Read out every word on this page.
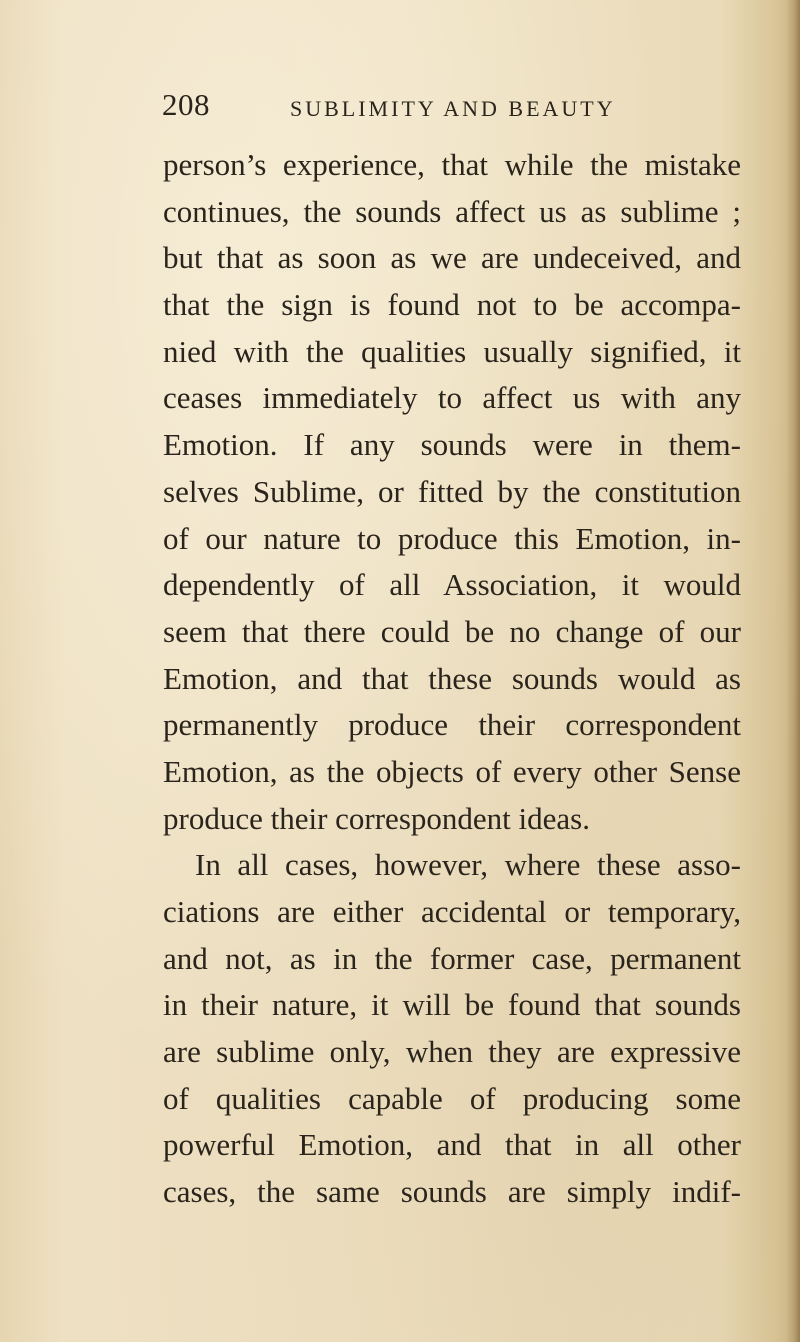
208	SUBLIMITY AND BEAUTY
person’s experience, that while the mistake
continues, the sounds affect us as sublime ;
but that as soon as we are undeceived, and
that the sign is found not to be accompa-
nied with the qualities usually signified, it
ceases immediately to affect us with any
Emotion. If any sounds were in them-
selves Sublime, or fitted by the constitution
of our nature to produce this Emotion, in-
dependently of all Association, it would
seem that there could be no change of our
Emotion, and that these sounds would as
permanently produce their correspondent
Emotion, as the objects of every other Sense
produce their correspondent ideas.
In all cases, however, where these asso-
ciations are either accidental or temporary,
and not, as in the former case, permanent
in their nature, it will be found that sounds
are sublime only, when they are expressive
of qualities capable of producing some
powerful Emotion, and that in all other
cases, the same sounds are simply indif-
